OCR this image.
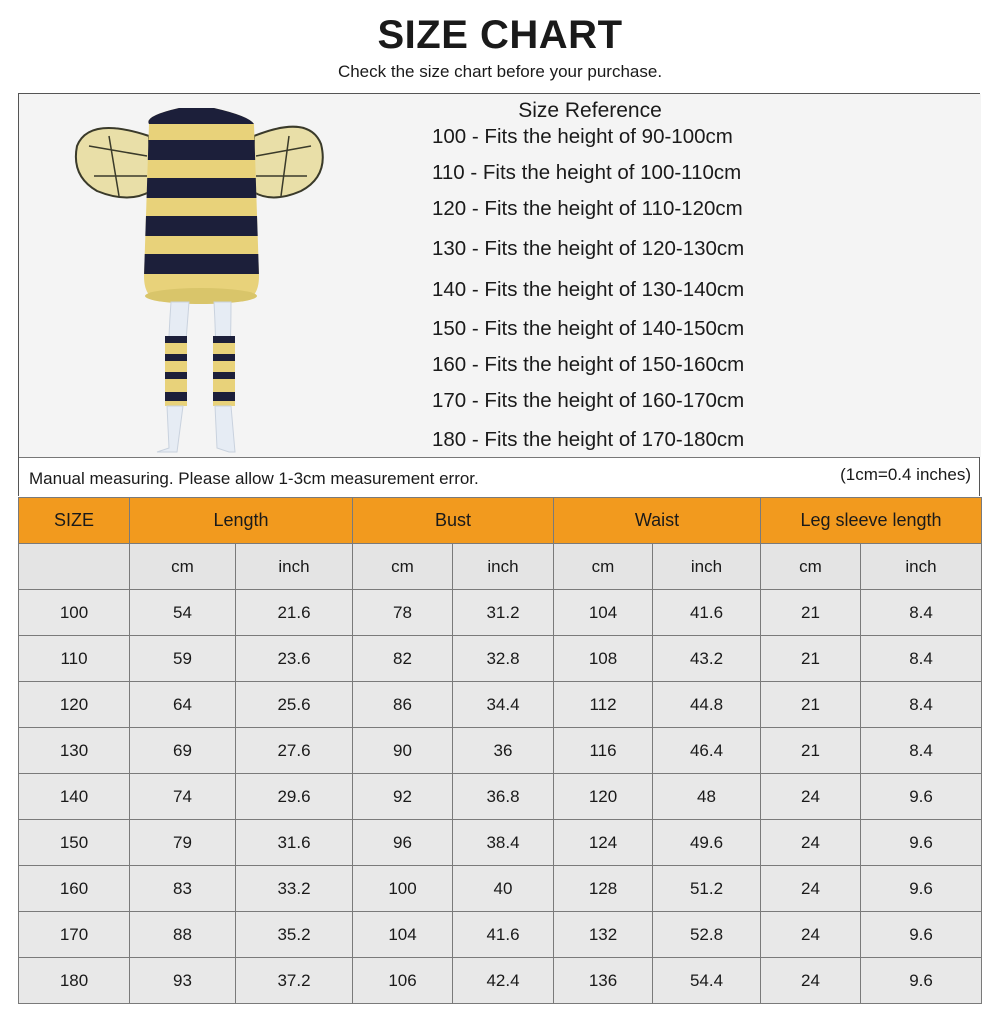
SIZE CHART
Check the size chart before your purchase.
Size Reference
100 - Fits the height of 90-100cm
110 - Fits the height of 100-110cm
120 - Fits the height of 110-120cm
130 - Fits the height of 120-130cm
140 - Fits the height of 130-140cm
150 - Fits the height of 140-150cm
160 - Fits the height of 150-160cm
170 - Fits the height of 160-170cm
180 - Fits the height of 170-180cm
Manual measuring. Please allow 1-3cm measurement error.	(1cm=0.4 inches)
SIZE	Length		Bust		Waist		Leg sleeve length	
	cm	inch	cm	inch	cm	inch	cm	inch
100	54	21.6	78	31.2	104	41.6	21	8.4
110	59	23.6	82	32.8	108	43.2	21	8.4
120	64	25.6	86	34.4	112	44.8	21	8.4
130	69	27.6	90	36	116	46.4	21	8.4
140	74	29.6	92	36.8	120	48	24	9.6
150	79	31.6	96	38.4	124	49.6	24	9.6
160	83	33.2	100	40	128	51.2	24	9.6
170	88	35.2	104	41.6	132	52.8	24	9.6
180	93	37.2	106	42.4	136	54.4	24	9.6
